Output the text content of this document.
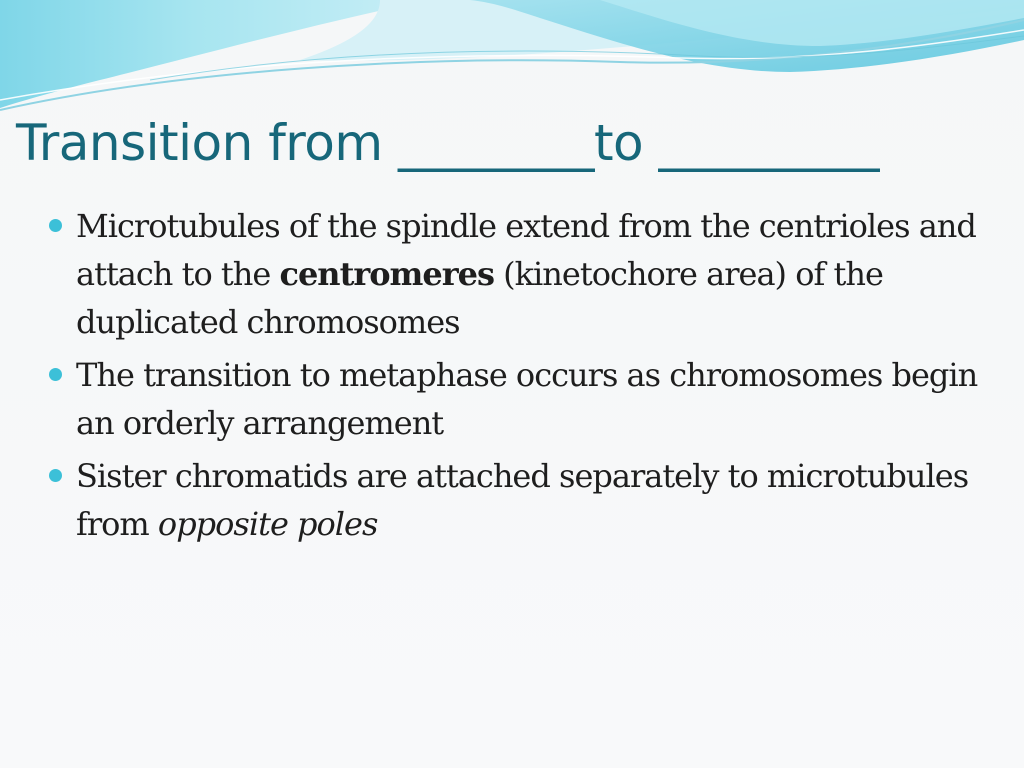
Transition from ________to _________
Microtubules of the spindle extend from the centrioles and attach to the centromeres (kinetochore area) of the duplicated chromosomes
The transition to metaphase occurs as chromosomes begin an orderly arrangement
Sister chromatids are attached separately to microtubules from opposite poles
